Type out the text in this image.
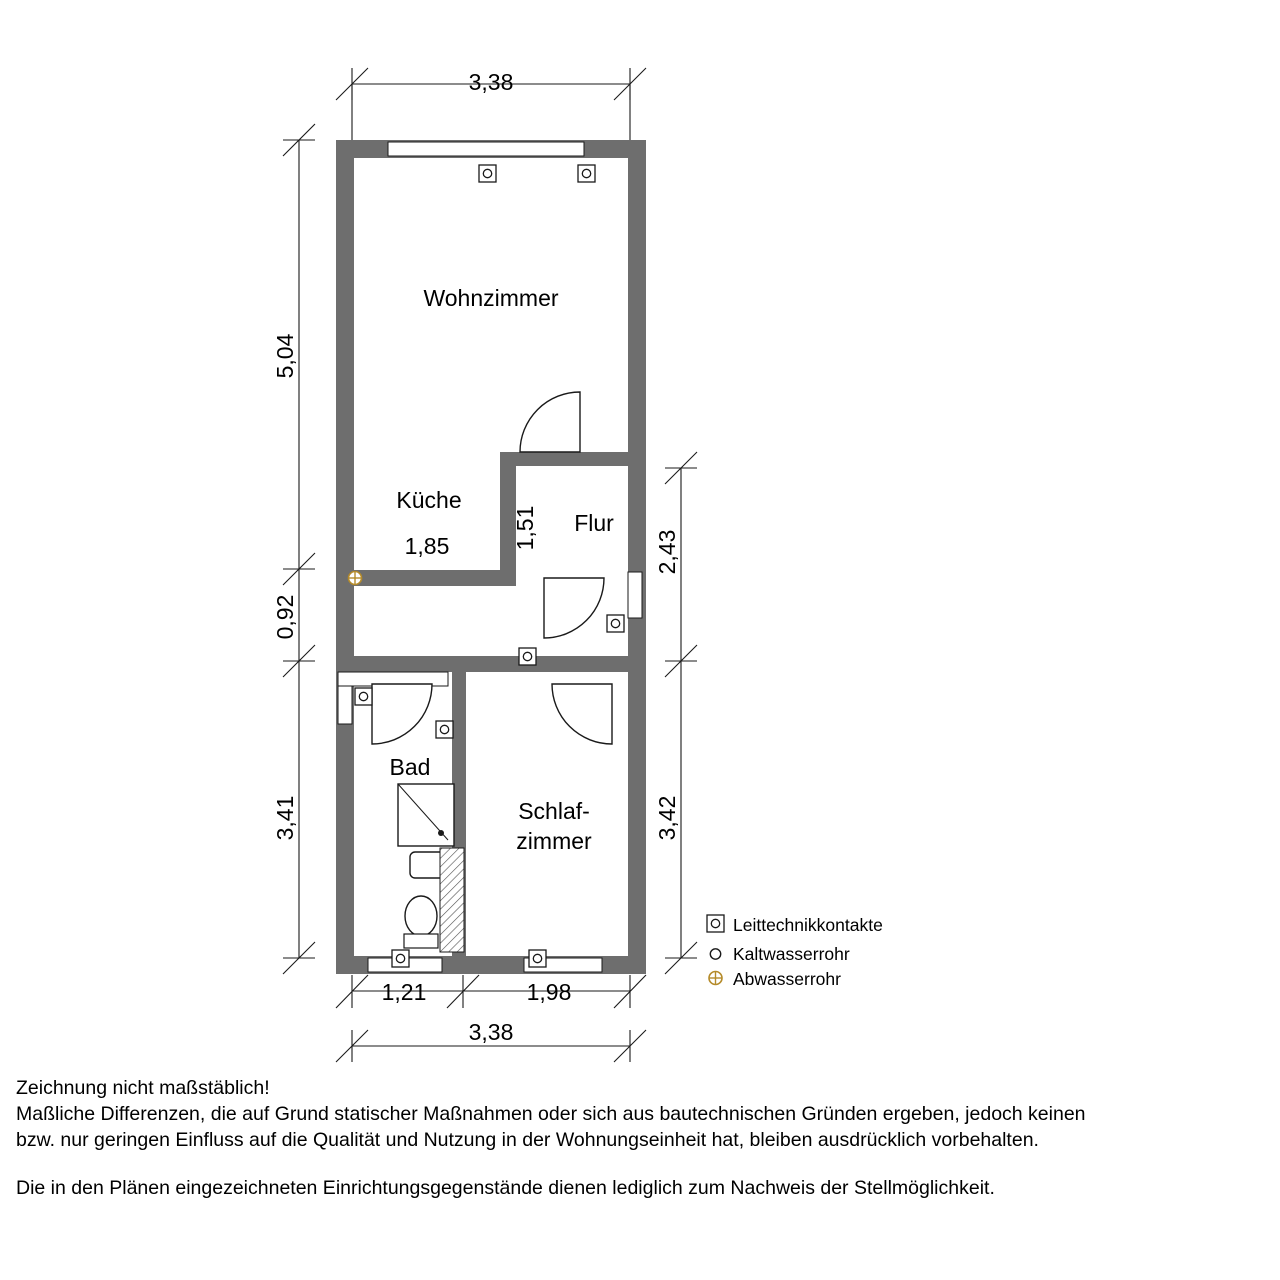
Wohnzimmer
Küche
Flur
Bad
Schlaf-
zimmer
3,38
3,38
1,21	1,98
1,85
5,04
0,92
3,41
2,43
3,42
1,51
Leittechnikkontakte
Kaltwasserrohr
Abwasserrohr
Zeichnung nicht maßstäblich!
Maßliche Differenzen, die auf Grund statischer Maßnahmen oder sich aus bautechnischen Gründen ergeben, jedoch keinen
bzw. nur geringen Einfluss auf die Qualität und Nutzung in der Wohnungseinheit hat, bleiben ausdrücklich vorbehalten.
Die in den Plänen eingezeichneten Einrichtungsgegenstände dienen lediglich zum Nachweis der Stellmöglichkeit.
